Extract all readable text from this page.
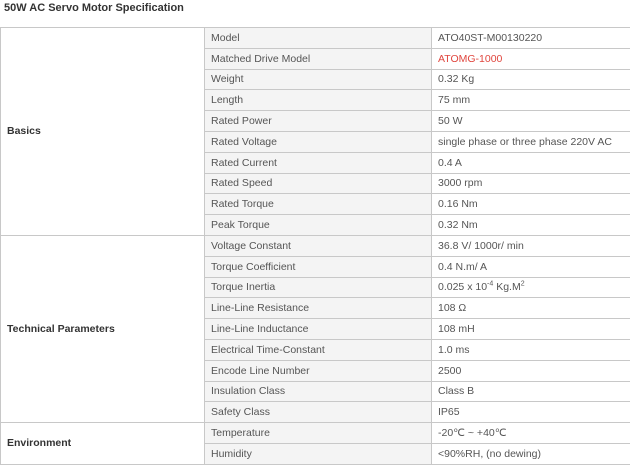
50W AC Servo Motor Specification
Basics	Model	ATO40ST-M00130220
	Matched Drive Model	ATOMG-1000
	Weight	0.32 Kg
	Length	75 mm
	Rated Power	50 W
	Rated Voltage	single phase or three phase 220V AC
	Rated Current	0.4 A
	Rated Speed	3000 rpm
	Rated Torque	0.16 Nm
	Peak Torque	0.32 Nm
Technical Parameters	Voltage Constant	36.8 V/ 1000r/ min
	Torque Coefficient	0.4 N.m/ A
	Torque Inertia	0.025 x $10^{-4}$ $Kg.M^2$
	Line-Line Resistance	108 Ω
	Line-Line Inductance	108 mH
	Electrical Time-Constant	1.0 ms
	Encode Line Number	2500
	Insulation Class	Class B
	Safety Class	IP65
Environment	Temperature	-20℃ ~ +40℃
	Humidity	<90%RH, (no dewing)
